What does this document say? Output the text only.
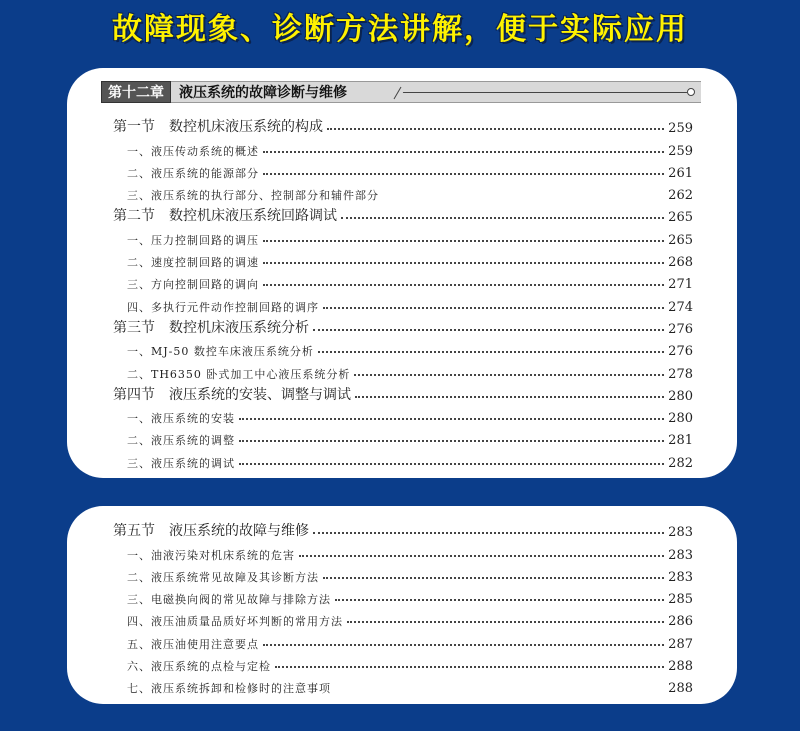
故障现象、诊断方法讲解，便于实际应用
第十二章	液压系统的故障诊断与维修
第一节 数控机床液压系统的构成	259
一、液压传动系统的概述	259
二、液压系统的能源部分	261
三、液压系统的执行部分、控制部分和辅件部分	262
第二节 数控机床液压系统回路调试	265
一、压力控制回路的调压	265
二、速度控制回路的调速	268
三、方向控制回路的调向	271
四、多执行元件动作控制回路的调序	274
第三节 数控机床液压系统分析	276
一、MJ-50 数控车床液压系统分析	276
二、TH6350 卧式加工中心液压系统分析	278
第四节 液压系统的安装、调整与调试	280
一、液压系统的安装	280
二、液压系统的调整	281
三、液压系统的调试	282
第五节 液压系统的故障与维修	283
一、油液污染对机床系统的危害	283
二、液压系统常见故障及其诊断方法	283
三、电磁换向阀的常见故障与排除方法	285
四、液压油质量品质好坏判断的常用方法	286
五、液压油使用注意要点	287
六、液压系统的点检与定检	288
七、液压系统拆卸和检修时的注意事项	288
